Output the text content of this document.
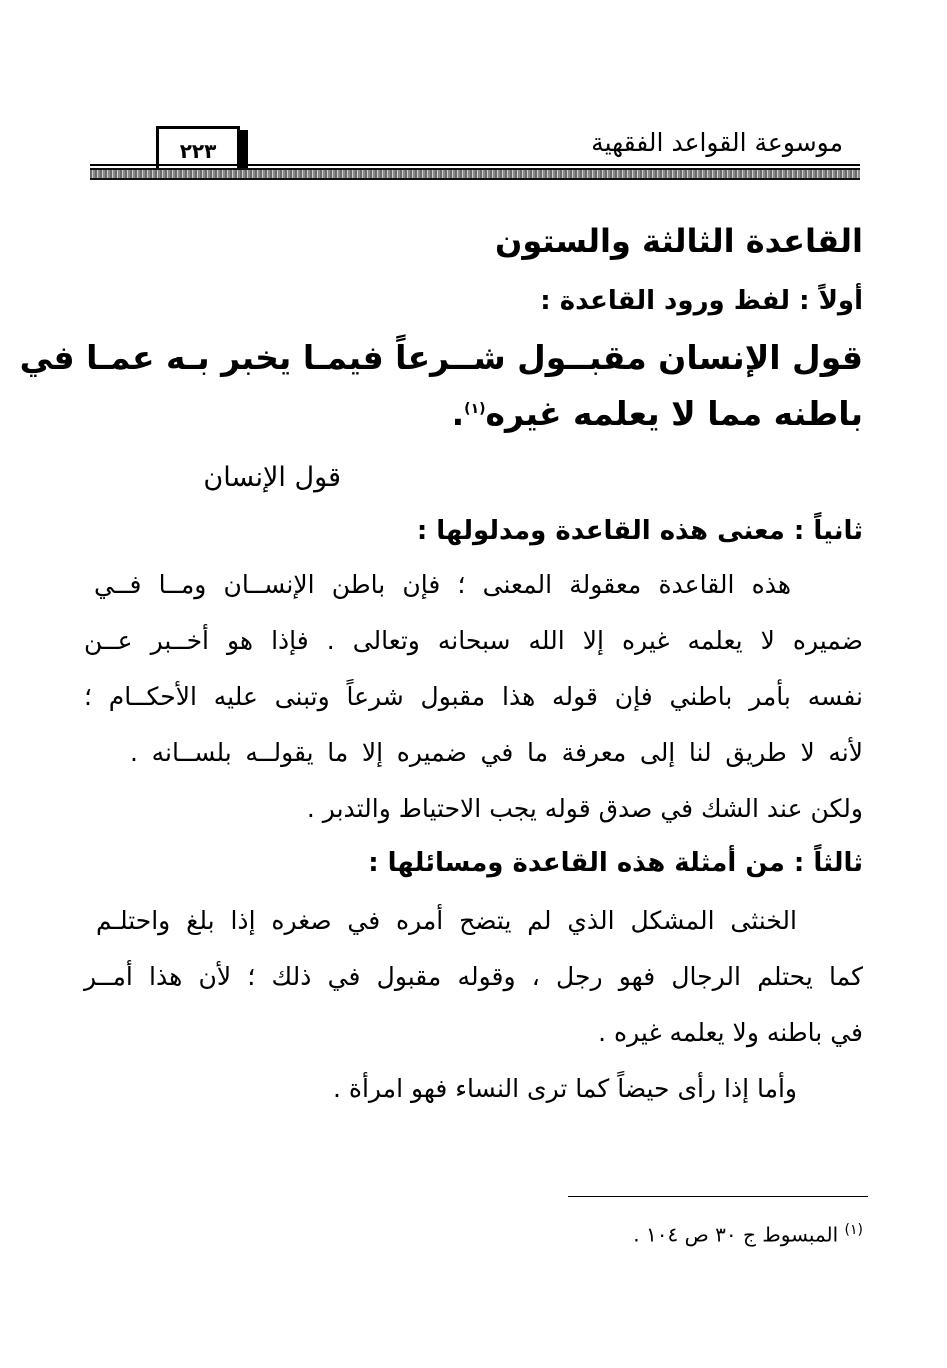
موسوعة القواعد الفقهية
٢٢٣
القاعدة الثالثة والستون
أولاً : لفظ ورود القاعدة :
قول الإنسان مقبــول شــرعاً فيمـا يخبر بـه عمـا في
باطنه مما لا يعلمه غيره$^{(١)}$.
قول الإنسان
ثانياً : معنى هذه القاعدة ومدلولها :
هذه القاعدة معقولة المعنى ؛ فإن باطن الإنســان ومــا فــي
ضميره لا يعلمه غيره إلا الله سبحانه وتعالى . فإذا هو أخــبر عــن
نفسه بأمر باطني فإن قوله هذا مقبول شرعاً وتبنى عليه الأحكــام ؛
لأنه لا طريق لنا إلى معرفة ما في ضميره إلا ما يقولــه بلســانه .
ولكن عند الشك في صدق قوله يجب الاحتياط والتدبر .
ثالثاً : من أمثلة هذه القاعدة ومسائلها :
الخنثى المشكل الذي لم يتضح أمره في صغره إذا بلغ واحتلـم
كما يحتلم الرجال فهو رجل ، وقوله مقبول في ذلك ؛ لأن هذا أمــر
في باطنه ولا يعلمه غيره .
وأما إذا رأى حيضاً كما ترى النساء فهو امرأة .
$^{(١)}$ المبسوط ج ٣٠ ص ١٠٤ .
